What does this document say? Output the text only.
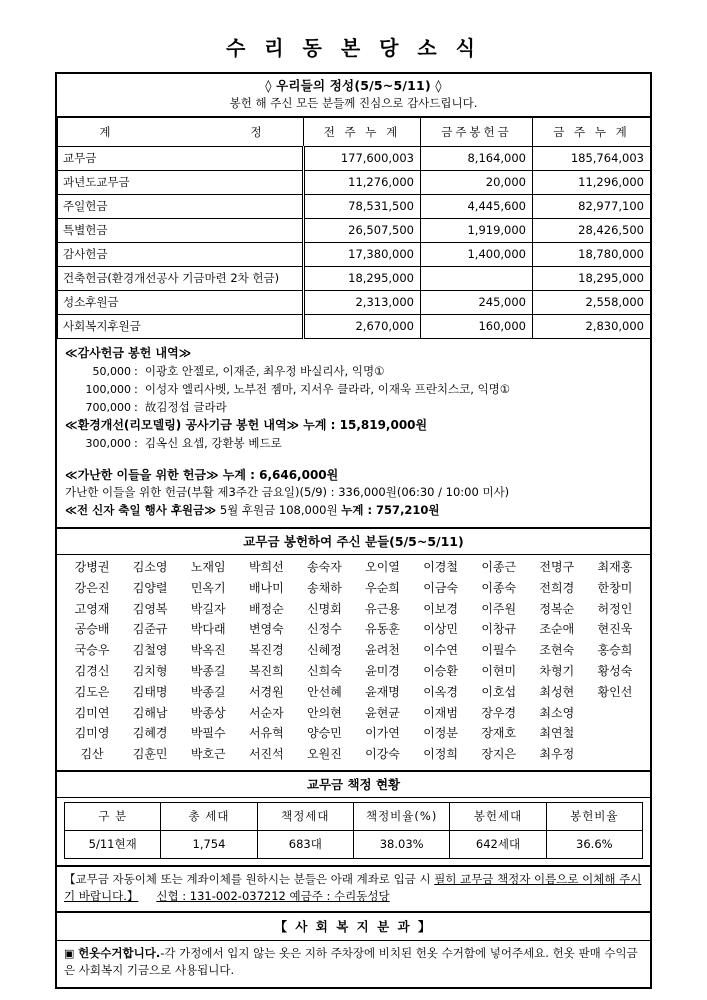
수 리 동 본 당 소 식
◊ 우리들의 정성(5/5~5/11) ◊
봉헌 해 주신 모든 분들께 진심으로 감사드립니다.
계 정	전 주 누 계	금주봉헌금	금 주 누 계
교무금	177,600,003	8,164,000	185,764,003
과년도교무금	11,276,000	20,000	11,296,000
주일헌금	78,531,500	4,445,600	82,977,100
특별헌금	26,507,500	1,919,000	28,426,500
감사헌금	17,380,000	1,400,000	18,780,000
건축헌금(환경개선공사 기금마련 2차 헌금)	18,295,000		18,295,000
성소후원금	2,313,000	245,000	2,558,000
사회복지후원금	2,670,000	160,000	2,830,000
≪감사헌금 봉헌 내역≫
50,000 : 이광호 안젤로, 이재준, 최우정 바실리사, 익명①
100,000 : 이성자 엘리사벳, 노부전 젬마, 지서우 클라라, 이재욱 프란치스코, 익명①
700,000 : 故김정섭 글라라
≪환경개선(리모델링) 공사기금 봉헌 내역≫ 누계 : 15,819,000원
300,000 : 김옥신 요셉, 강환봉 베드로
≪가난한 이들을 위한 헌금≫ 누계 : 6,646,000원
가난한 이들을 위한 헌금(부활 제3주간 금요일)(5/9) : 336,000원(06:30 / 10:00 미사)
≪전 신자 축일 행사 후원금≫ 5월 후원금 108,000원 누계 : 757,210원
교무금 봉헌하여 주신 분들(5/5~5/11)
강병권	김소영	노재임	박희선	송숙자	오이열	이경철	이종근	전명구	최재홍
강은진	김양렬	민옥기	배나미	송채하	우순희	이금숙	이종숙	전희경	한창미
고영재	김영복	박길자	배정순	신명회	유근용	이보경	이주원	정복순	허정인
공승배	김준규	박다래	변영숙	신정수	유동훈	이상민	이창규	조순애	현진욱
국승우	김철영	박옥진	복진경	신혜정	윤려천	이수연	이필수	조현숙	홍승희
김경신	김치형	박종길	복진희	신희숙	윤미경	이승환	이현미	차형기	황성숙
김도은	김태명	박종길	서경원	안선혜	윤재명	이옥경	이호섭	최성현	황인선
김미연	김해남	박종상	서순자	안의현	윤현균	이재범	장우경	최소영	
김미영	김혜경	박필수	서유혁	양승민	이가연	이정분	장재호	최연철	
김산	김훈민	박호근	서진석	오원진	이강숙	이정희	장지은	최우정	
교무금 책정 현황
구 분	총 세대	책정세대	책정비율(%)	봉헌세대	봉헌비율
5/11현재	1,754	683대	38.03%	642세대	36.6%
【교무금 자동이체 또는 계좌이체를 원하시는 분들은 아래 계좌로 입금 시 필히 교무금 책정자 이름으로 이체해 주시기 바랍니다.】 신협 : 131-002-037212 예금주 : 수리동성당
【 사 회 복 지 분 과 】
▣ 헌옷수거합니다.-각 가정에서 입지 않는 옷은 지하 주차장에 비치된 헌옷 수거함에 넣어주세요. 헌옷 판매 수익금은 사회복지 기금으로 사용됩니다.
